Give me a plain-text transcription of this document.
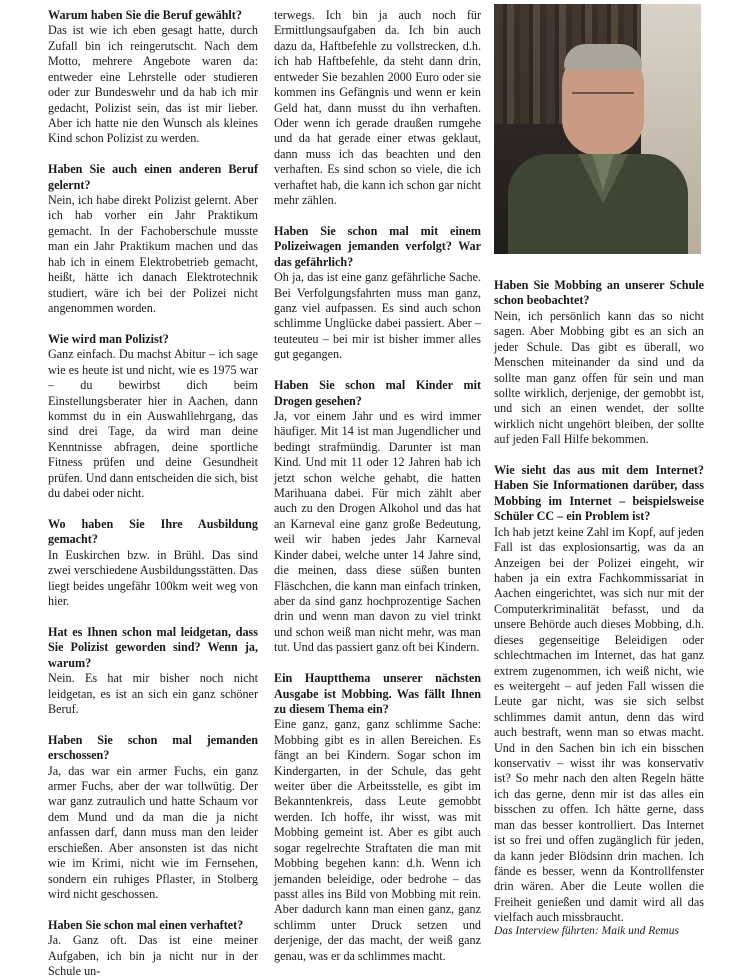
Warum haben Sie die Beruf gewählt?

Das ist wie ich eben gesagt hatte, durch Zufall bin ich reingerutscht. Nach dem Motto, mehrere Angebote waren da: entweder eine Lehrstelle oder studieren oder zur Bundeswehr und da hab ich mir gedacht, Polizist sein, das ist mir lieber. Aber ich hatte nie den Wunsch als kleines Kind schon Polizist zu werden.

Haben Sie auch einen anderen Beruf gelernt?

Nein, ich habe direkt Polizist gelernt. Aber ich hab vorher ein Jahr Praktikum gemacht. In der Fachoberschule musste man ein Jahr Praktikum machen und das hab ich in einem Elektrobetrieb gemacht, heißt, hätte ich danach Elektrotechnik studiert, wäre ich bei der Polizei nicht angenommen worden.

Wie wird man Polizist?

Ganz einfach. Du machst Abitur – ich sage wie es heute ist und nicht, wie es 1975 war – du bewirbst dich beim Einstellungsberater hier in Aachen, dann kommst du in ein Auswahllehrgang, das sind drei Tage, da wird man deine Kenntnisse abfragen, deine sportliche Fitness prüfen und deine Gesundheit prüfen. Und dann entscheiden die sich, bist du dabei oder nicht.

Wo haben Sie Ihre Ausbildung gemacht?

In Euskirchen bzw. in Brühl. Das sind zwei verschiedene Ausbildungsstätten. Das liegt beides ungefähr 100km weit weg von hier.

Hat es Ihnen schon mal leidgetan, dass Sie Polizist geworden sind? Wenn ja, warum?

Nein. Es hat mir bisher noch nicht leidgetan, es ist an sich ein ganz schöner Beruf.

Haben Sie schon mal jemanden erschossen?

Ja, das war ein armer Fuchs, ein ganz armer Fuchs, aber der war tollwütig. Der war ganz zutraulich und hatte Schaum vor dem Mund und da man die ja nicht anfassen darf, dann muss man den leider erschießen. Aber ansonsten ist das nicht wie im Krimi, nicht wie im Fernsehen, sondern ein ruhiges Pflaster, in Stolberg wird nicht geschossen.

Haben Sie schon mal einen verhaftet?

Ja. Ganz oft. Das ist eine meiner Aufgaben, ich bin ja nicht nur in der Schule un-

terwegs. Ich bin ja auch noch für Ermittlungsaufgaben da. Ich bin auch dazu da, Haftbefehle zu vollstrecken, d.h. ich hab Haftbefehle, da steht dann drin, entweder Sie bezahlen 2000 Euro oder sie kommen ins Gefängnis und wenn er kein Geld hat, dann musst du ihn verhaften. Oder wenn ich gerade draußen rumgehe und da hat gerade einer etwas geklaut, dann muss ich das beachten und den verhaften. Es sind schon so viele, die ich verhaftet hab, die kann ich schon gar nicht mehr zählen.

Haben Sie schon mal mit einem Polizeiwagen jemanden verfolgt? War das gefährlich?

Oh ja, das ist eine ganz gefährliche Sache. Bei Verfolgungsfahrten muss man ganz, ganz viel aufpassen. Es sind auch schon schlimme Unglücke dabei passiert. Aber – teuteuteu – bei mir ist bisher immer alles gut gegangen.

Haben Sie schon mal Kinder mit Drogen gesehen?

Ja, vor einem Jahr und es wird immer häufiger. Mit 14 ist man Jugendlicher und bedingt strafmündig. Darunter ist man Kind. Und mit 11 oder 12 Jahren hab ich jetzt schon welche gehabt, die hatten Marihuana dabei. Für mich zählt aber auch zu den Drogen Alkohol und das hat an Karneval eine ganz große Bedeutung, weil wir haben jedes Jahr Karneval Kinder dabei, welche unter 14 Jahre sind, die meinen, dass diese süßen bunten Fläschchen, die kann man einfach trinken, aber da sind ganz hochprozentige Sachen drin und wenn man davon zu viel trinkt und schon weiß man nicht mehr, was man tut. Und das passiert ganz oft bei Kindern.

Ein Hauptthema unserer nächsten Ausgabe ist Mobbing. Was fällt Ihnen zu diesem Thema ein?

Eine ganz, ganz, ganz schlimme Sache: Mobbing gibt es in allen Bereichen. Es fängt an bei Kindern. Sogar schon im Kindergarten, in der Schule, das geht weiter über die Arbeitsstelle, es gibt im Bekanntenkreis, dass Leute gemobbt werden. Ich hoffe, ihr wisst, was mit Mobbing gemeint ist. Aber es gibt auch sogar regelrechte Straftaten die man mit Mobbing begehen kann: d.h. Wenn ich jemanden beleidige, oder bedrohe – das passt alles ins Bild von Mobbing mit rein. Aber dadurch kann man einen ganz, ganz schlimm unter Druck setzen und derjenige, der das macht, der weiß ganz genau, was er da schlimmes macht.

Haben Sie Mobbing an unserer Schule schon beobachtet?

Nein, ich persönlich kann das so nicht sagen. Aber Mobbing gibt es an sich an jeder Schule. Das gibt es überall, wo Menschen miteinander da sind und da sollte man ganz offen für sein und man sollte wirklich, derjenige, der gemobbt ist, und sich an einen wendet, der sollte wirklich nicht ungehört bleiben, der sollte auf jeden Fall Hilfe bekommen.

Wie sieht das aus mit dem Internet? Haben Sie Informationen darüber, dass Mobbing im Internet – beispielsweise Schüler CC – ein Problem ist?

Ich hab jetzt keine Zahl im Kopf, auf jeden Fall ist das explosionsartig, was da an Anzeigen bei der Polizei eingeht, wir haben ja ein extra Fachkommissariat in Aachen eingerichtet, was sich nur mit der Computerkriminalität befasst, und da unsere Behörde auch dieses Mobbing, d.h. dieses gegenseitige Beleidigen oder schlechtmachen im Internet, das hat ganz extrem zugenommen, ich weiß nicht, wie es weitergeht – auf jeden Fall wissen die Leute gar nicht, was sie sich selbst schlimmes damit antun, denn das wird auch bestraft, wenn man so etwas macht. Und in den Sachen bin ich ein bisschen konservativ – wisst ihr was konservativ ist? So mehr nach den alten Regeln hätte ich das gerne, denn mir ist das alles ein bisschen zu offen. Ich hätte gerne, dass man das besser kontrolliert. Das Internet ist so frei und offen zugänglich für jeden, da kann jeder Blödsinn drin machen. Ich fände es besser, wenn da Kontrollfenster drin wären. Aber die Leute wollen die Freiheit genießen und damit wird all das vielfach auch missbraucht.

Das Interview führten: Maik und Remus
